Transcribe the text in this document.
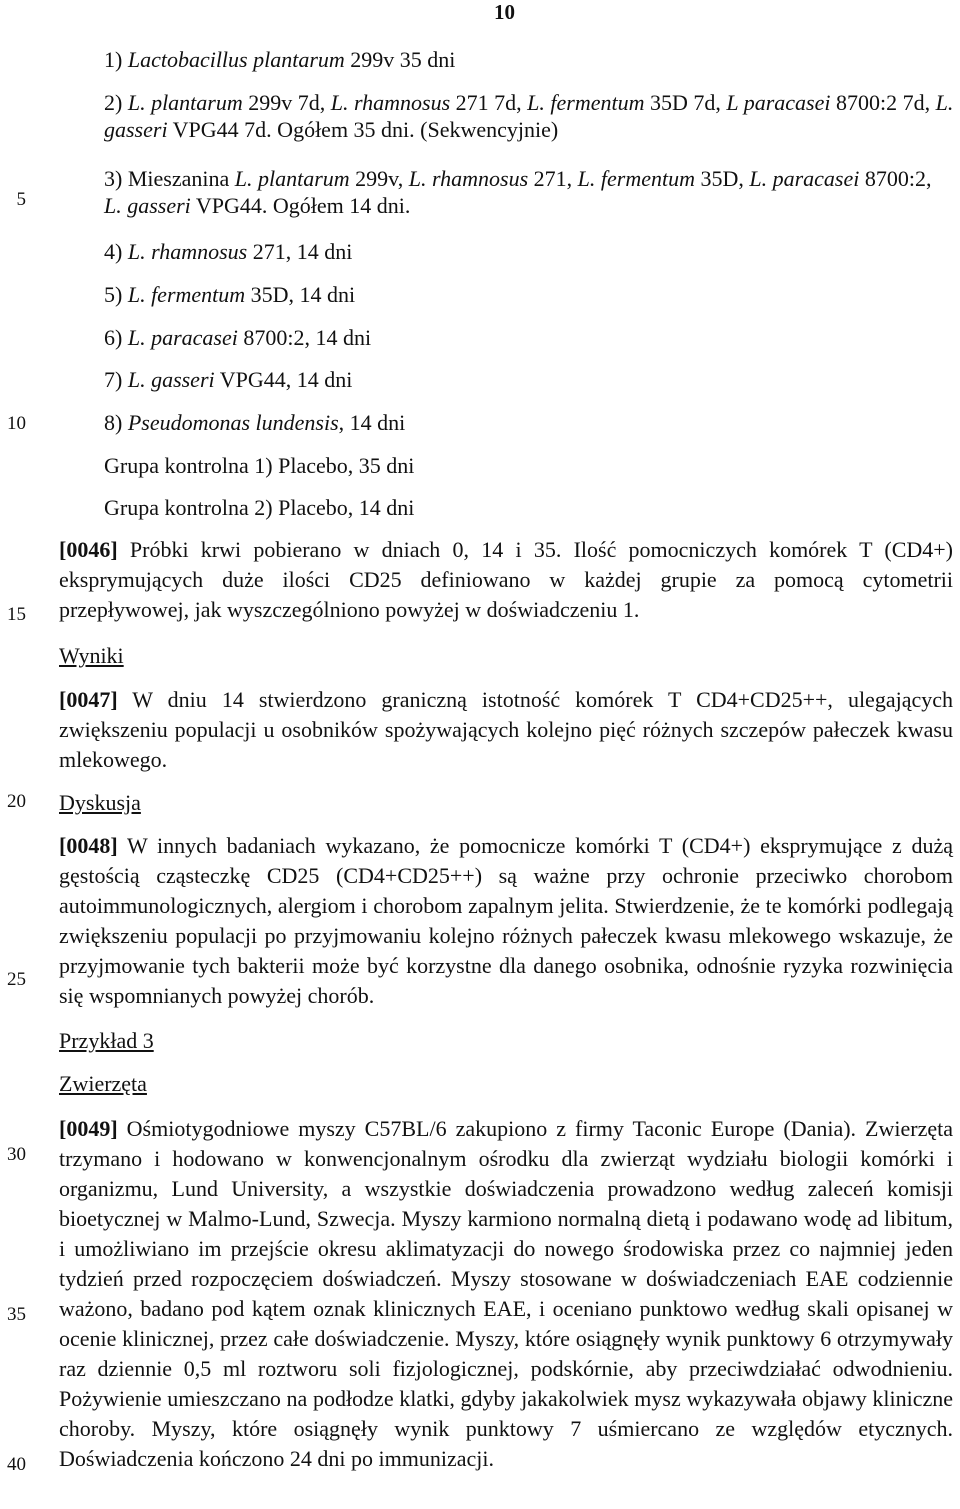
10
5
10
15
20
25
30
35
40
1) Lactobacillus plantarum 299v 35 dni
2) L. plantarum 299v 7d, L. rhamnosus 271 7d, L. fermentum 35D 7d, L paracasei 8700:2 7d, L. gasseri VPG44 7d. Ogółem 35 dni. (Sekwencyjnie)
3) Mieszanina L. plantarum 299v, L. rhamnosus 271, L. fermentum 35D, L. paracasei 8700:2, L. gasseri VPG44. Ogółem 14 dni.
4) L. rhamnosus 271, 14 dni
5) L. fermentum 35D, 14 dni
6) L. paracasei 8700:2, 14 dni
7) L. gasseri VPG44, 14 dni
8) Pseudomonas lundensis, 14 dni
Grupa kontrolna 1) Placebo, 35 dni
Grupa kontrolna 2) Placebo, 14 dni
[0046] Próbki krwi pobierano w dniach 0, 14 i 35. Ilość pomocniczych komórek T (CD4+) eksprymujących duże ilości CD25 definiowano w każdej grupie za pomocą cytometrii przepływowej, jak wyszczególniono powyżej w doświadczeniu 1.
Wyniki
[0047] W dniu 14 stwierdzono graniczną istotność komórek T CD4+CD25++, ulegających zwiększeniu populacji u osobników spożywających kolejno pięć różnych szczepów pałeczek kwasu mlekowego.
Dyskusja
[0048] W innych badaniach wykazano, że pomocnicze komórki T (CD4+) eksprymujące z dużą gęstością cząsteczkę CD25 (CD4+CD25++) są ważne przy ochronie przeciwko chorobom autoimmunologicznych, alergiom i chorobom zapalnym jelita. Stwierdzenie, że te komórki podlegają zwiększeniu populacji po przyjmowaniu kolejno różnych pałeczek kwasu mlekowego wskazuje, że przyjmowanie tych bakterii może być korzystne dla danego osobnika, odnośnie ryzyka rozwinięcia się wspomnianych powyżej chorób.
Przykład 3
Zwierzęta
[0049] Ośmiotygodniowe myszy C57BL/6 zakupiono z firmy Taconic Europe (Dania). Zwierzęta trzymano i hodowano w konwencjonalnym ośrodku dla zwierząt wydziału biologii komórki i organizmu, Lund University, a wszystkie doświadczenia prowadzono według zaleceń komisji bioetycznej w Malmo-Lund, Szwecja. Myszy karmiono normalną dietą i podawano wodę ad libitum, i umożliwiano im przejście okresu aklimatyzacji do nowego środowiska przez co najmniej jeden tydzień przed rozpoczęciem doświadczeń. Myszy stosowane w doświadczeniach EAE codziennie ważono, badano pod kątem oznak klinicznych EAE, i oceniano punktowo według skali opisanej w ocenie klinicznej, przez całe doświadczenie. Myszy, które osiągnęły wynik punktowy 6 otrzymywały raz dziennie 0,5 ml roztworu soli fizjologicznej, podskórnie, aby przeciwdziałać odwodnieniu. Pożywienie umieszczano na podłodze klatki, gdyby jakakolwiek mysz wykazywała objawy kliniczne choroby. Myszy, które osiągnęły wynik punktowy 7 uśmiercano ze względów etycznych. Doświadczenia kończono 24 dni po immunizacji.
